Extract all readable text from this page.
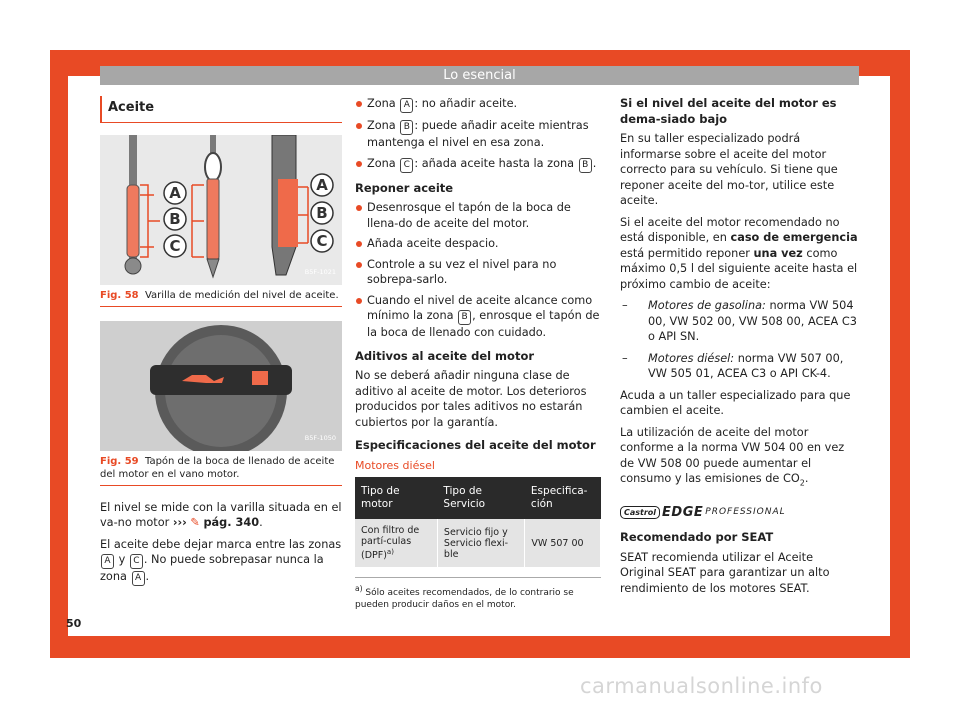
Lo esencial
Aceite
A
B
C
A
B
C
B5F-1021
Fig. 58 Varilla de medición del nivel de aceite.
B5F-1050
Fig. 59 Tapón de la boca de llenado de aceite del motor en el vano motor.

El nivel se mide con la varilla situada en el va-no motor ››› ✎ pág. 340.

El aceite debe dejar marca entre las zonas A y C . No puede sobrepasar nunca la zona A .

Zona A : no añadir aceite.
Zona B : puede añadir aceite mientras mantenga el nivel en esa zona.
Zona C : añada aceite hasta la zona B .
Reponer aceite
Desenrosque el tapón de la boca de llena-do de aceite del motor.
Añada aceite despacio.
Controle a su vez el nivel para no sobrepa-sarlo.
Cuando el nivel de aceite alcance como mínimo la zona B , enrosque el tapón de la boca de llenado con cuidado.
Aditivos al aceite del motor

No se deberá añadir ninguna clase de aditivo al aceite de motor. Los deterioros producidos por tales aditivos no estarán cubiertos por la garantía.

Especificaciones del aceite del motor
Motores diésel
Tipo de motor	Tipo de Servicio	Especifica-ción
Con filtro de partí-culas (DPF)$^{a)}$	Servicio fijo y Servicio flexi-ble	VW 507 00
$^{a)}$ Sólo aceites recomendados, de lo contrario se pueden producir daños en el motor.
Si el nivel del aceite del motor es dema-siado bajo

En su taller especializado podrá informarse sobre el aceite del motor correcto para su vehículo. Si tiene que reponer aceite del mo-tor, utilice este aceite.

Si el aceite del motor recomendado no está disponible, en caso de emergencia está permitido reponer una vez como máximo 0,5 l del siguiente aceite hasta el próximo cambio de aceite:

– Motores de gasolina: norma VW 504 00, VW 502 00, VW 508 00, ACEA C3 o API SN.
– Motores diésel: norma VW 507 00, VW 505 01, ACEA C3 o API CK-4.

Acuda a un taller especializado para que cambien el aceite.

La utilización de aceite del motor conforme a la norma VW 504 00 en vez de VW 508 00 puede aumentar el consumo y las emisiones de $CO_2$.

Castrol EDGE PROFESSIONAL
Recomendado por SEAT

SEAT recomienda utilizar el Aceite Original SEAT para garantizar un alto rendimiento de los motores SEAT.

50
carmanualsonline.info
